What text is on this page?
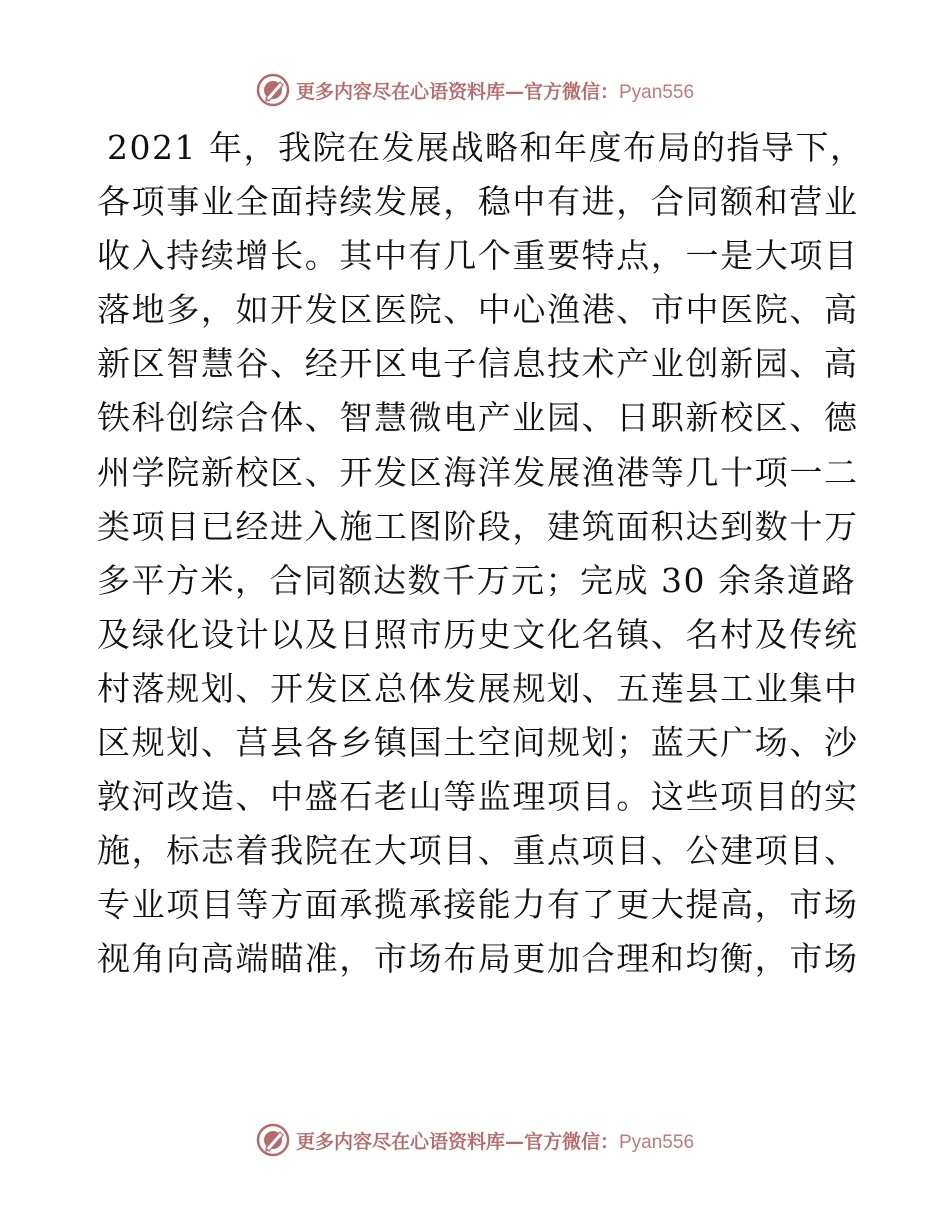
更多内容尽在心语资料库—官方微信：Pyan556
2021 年，我院在发展战略和年度布局的指导下，
各项事业全面持续发展，稳中有进，合同额和营业
收入持续增长。其中有几个重要特点，一是大项目
落地多，如开发区医院、中心渔港、市中医院、高
新区智慧谷、经开区电子信息技术产业创新园、高
铁科创综合体、智慧微电产业园、日职新校区、德
州学院新校区、开发区海洋发展渔港等几十项一二
类项目已经进入施工图阶段，建筑面积达到数十万
多平方米，合同额达数千万元；完成 30 余条道路
及绿化设计以及日照市历史文化名镇、名村及传统
村落规划、开发区总体发展规划、五莲县工业集中
区规划、莒县各乡镇国土空间规划；蓝天广场、沙
敦河改造、中盛石老山等监理项目。这些项目的实
施，标志着我院在大项目、重点项目、公建项目、
专业项目等方面承揽承接能力有了更大提高，市场
视角向高端瞄准，市场布局更加合理和均衡，市场
更多内容尽在心语资料库—官方微信：Pyan556
